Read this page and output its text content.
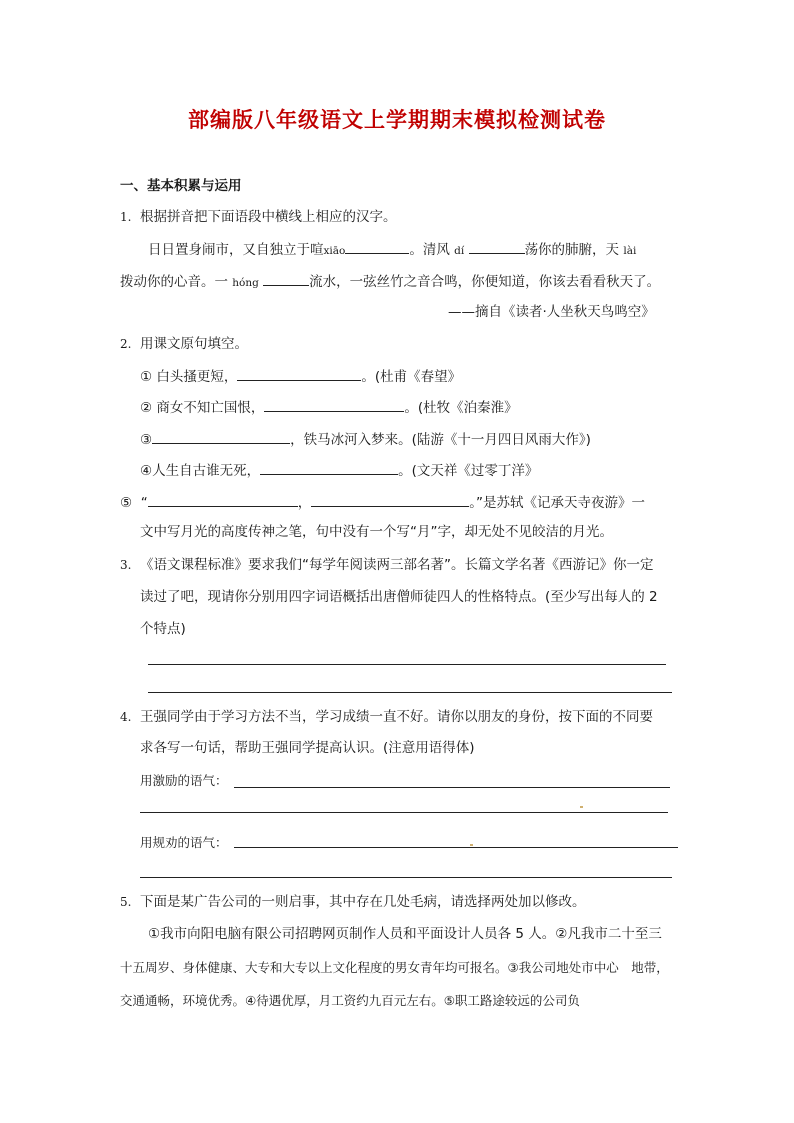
部编版八年级语文上学期期末模拟检测试卷
一、基本积累与运用
1. 根据拼音把下面语段中横线上相应的汉字。
日日置身闹市，又自独立于喧xiāo	。清风 dí	荡你的肺腑，天 lài
拨动你的心音。一 hóng	流水，一弦丝竹之音合鸣，你便知道，你该去看看秋天了。
——摘自《读者·人坐秋天鸟鸣空》
2. 用课文原句填空。
① 白头搔更短，	。(杜甫《春望》
② 商女不知亡国恨，	。(杜牧《泊秦淮》
③	，铁马冰河入梦来。(陆游《十一月四日风雨大作》)
④人生自古谁无死，	。(文天祥《过零丁洋》
⑤ “	，	。”是苏轼《记承天寺夜游》一
文中写月光的高度传神之笔，句中没有一个写“月”字，却无处不见皎洁的月光。
3. 《语文课程标准》要求我们“每学年阅读两三部名著”。长篇文学名著《西游记》你一定
读过了吧，现请你分别用四字词语概括出唐僧师徒四人的性格特点。(至少写出每人的 2
个特点)
4. 王强同学由于学习方法不当，学习成绩一直不好。请你以朋友的身份，按下面的不同要
求各写一句话，帮助王强同学提高认识。(注意用语得体)
用激励的语气：
用规劝的语气：
5. 下面是某广告公司的一则启事，其中存在几处毛病，请选择两处加以修改。
①我市向阳电脑有限公司招聘网页制作人员和平面设计人员各 5 人。②凡我市二十至三
十五周岁、身体健康、大专和大专以上文化程度的男女青年均可报名。③我公司地处市中心　地带，
交通通畅，环境优秀。④待遇优厚，月工资约九百元左右。⑤职工路途较远的公司负
